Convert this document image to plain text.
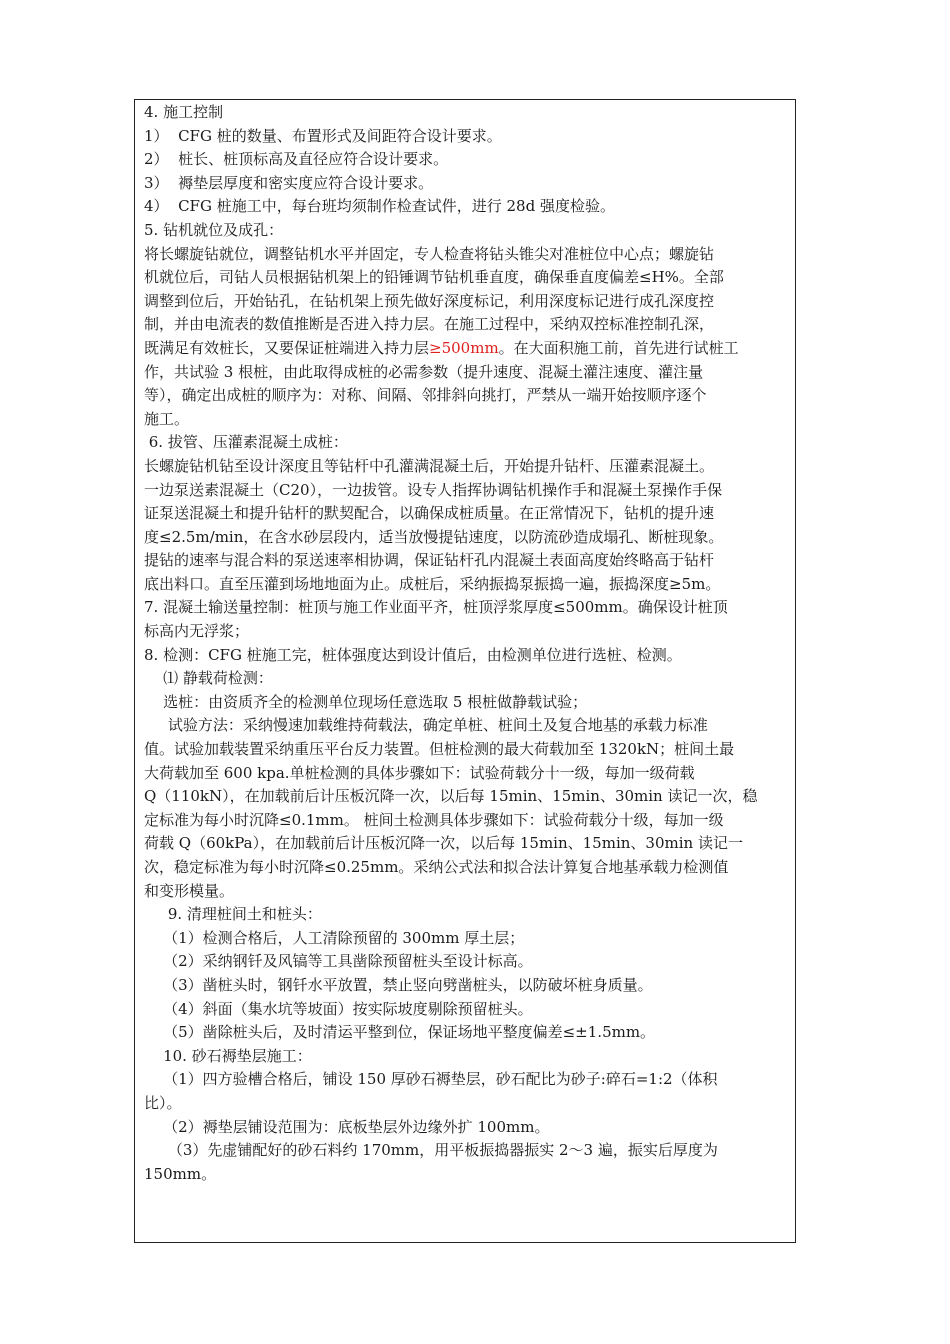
4. 施工控制
1）  CFG 桩的数量、布置形式及间距符合设计要求。
2）  桩长、桩顶标高及直径应符合设计要求。
3）  褥垫层厚度和密实度应符合设计要求。
4）  CFG 桩施工中，每台班均须制作检查试件，进行 28d 强度检验。
5. 钻机就位及成孔：
将长螺旋钻就位，调整钻机水平并固定，专人检查将钻头锥尖对准桩位中心点；螺旋钻
机就位后，司钻人员根据钻机架上的铅锤调节钻机垂直度，确保垂直度偏差≤H%。全部
调整到位后，开始钻孔，在钻机架上预先做好深度标记，利用深度标记进行成孔深度控
制，并由电流表的数值推断是否进入持力层。在施工过程中，采纳双控标准控制孔深，
既满足有效桩长，又要保证桩端进入持力层≥500mm。在大面积施工前，首先进行试桩工
作，共试验 3 根桩，由此取得成桩的必需参数（提升速度、混凝土灌注速度、灌注量
等），确定出成桩的顺序为：对称、间隔、邻排斜向挑打，严禁从一端开始按顺序逐个
施工。
6. 拔管、压灌素混凝土成桩：
长螺旋钻机钻至设计深度且等钻杆中孔灌满混凝土后，开始提升钻杆、压灌素混凝土。
一边泵送素混凝土（C20），一边拔管。设专人指挥协调钻机操作手和混凝土泵操作手保
证泵送混凝土和提升钻杆的默契配合，以确保成桩质量。在正常情况下，钻机的提升速
度≤2.5m/min，在含水砂层段内，适当放慢提钻速度，以防流砂造成塌孔、断桩现象。
提钻的速率与混合料的泵送速率相协调，保证钻杆孔内混凝土表面高度始终略高于钻杆
底出料口。直至压灌到场地地面为止。成桩后，采纳振捣泵振捣一遍，振捣深度≥5m。
7. 混凝土输送量控制：桩顶与施工作业面平齐，桩顶浮浆厚度≤500mm。确保设计桩顶
标高内无浮浆；
8. 检测：CFG 桩施工完，桩体强度达到设计值后，由检测单位进行选桩、检测。
⑴ 静载荷检测：
选桩：由资质齐全的检测单位现场任意选取 5 根桩做静载试验；
试验方法：采纳慢速加载维持荷载法，确定单桩、桩间土及复合地基的承载力标准
值。试验加载装置采纳重压平台反力装置。但桩检测的最大荷载加至 1320kN；桩间土最
大荷载加至 600 kpa.单桩检测的具体步骤如下：试验荷载分十一级，每加一级荷载
Q（110kN），在加载前后计压板沉降一次，以后每 15min、15min、30min 读记一次，稳
定标准为每小时沉降≤0.1mm。 桩间土检测具体步骤如下：试验荷载分十级，每加一级
荷载 Q（60kPa），在加载前后计压板沉降一次，以后每 15min、15min、30min 读记一
次，稳定标准为每小时沉降≤0.25mm。采纳公式法和拟合法计算复合地基承载力检测值
和变形模量。
9. 清理桩间土和桩头：
（1）检测合格后，人工清除预留的 300mm 厚土层；
（2）采纳钢钎及风镐等工具凿除预留桩头至设计标高。
（3）凿桩头时，钢钎水平放置，禁止竖向劈凿桩头，以防破坏桩身质量。
（4）斜面（集水坑等坡面）按实际坡度剔除预留桩头。
（5）凿除桩头后，及时清运平整到位，保证场地平整度偏差≤±1.5mm。
10. 砂石褥垫层施工：
（1）四方验槽合格后，铺设 150 厚砂石褥垫层，砂石配比为砂子:碎石=1:2（体积
比）。
（2）褥垫层铺设范围为：底板垫层外边缘外扩 100mm。
（3）先虚铺配好的砂石料约 170mm，用平板振捣器振实 2～3 遍，振实后厚度为
150mm。
